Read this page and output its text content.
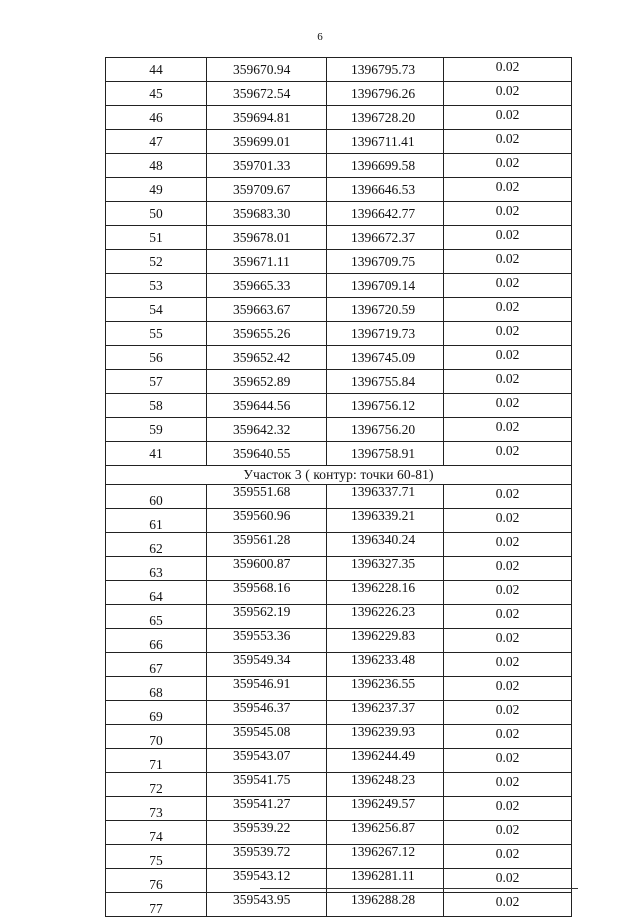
6
44	359670.94	1396795.73	0.02
45	359672.54	1396796.26	0.02
46	359694.81	1396728.20	0.02
47	359699.01	1396711.41	0.02
48	359701.33	1396699.58	0.02
49	359709.67	1396646.53	0.02
50	359683.30	1396642.77	0.02
51	359678.01	1396672.37	0.02
52	359671.11	1396709.75	0.02
53	359665.33	1396709.14	0.02
54	359663.67	1396720.59	0.02
55	359655.26	1396719.73	0.02
56	359652.42	1396745.09	0.02
57	359652.89	1396755.84	0.02
58	359644.56	1396756.12	0.02
59	359642.32	1396756.20	0.02
41	359640.55	1396758.91	0.02
Участок 3 ( контур: точки 60-81)			
60	359551.68	1396337.71	0.02
61	359560.96	1396339.21	0.02
62	359561.28	1396340.24	0.02
63	359600.87	1396327.35	0.02
64	359568.16	1396228.16	0.02
65	359562.19	1396226.23	0.02
66	359553.36	1396229.83	0.02
67	359549.34	1396233.48	0.02
68	359546.91	1396236.55	0.02
69	359546.37	1396237.37	0.02
70	359545.08	1396239.93	0.02
71	359543.07	1396244.49	0.02
72	359541.75	1396248.23	0.02
73	359541.27	1396249.57	0.02
74	359539.22	1396256.87	0.02
75	359539.72	1396267.12	0.02
76	359543.12	1396281.11	0.02
77	359543.95	1396288.28	0.02
